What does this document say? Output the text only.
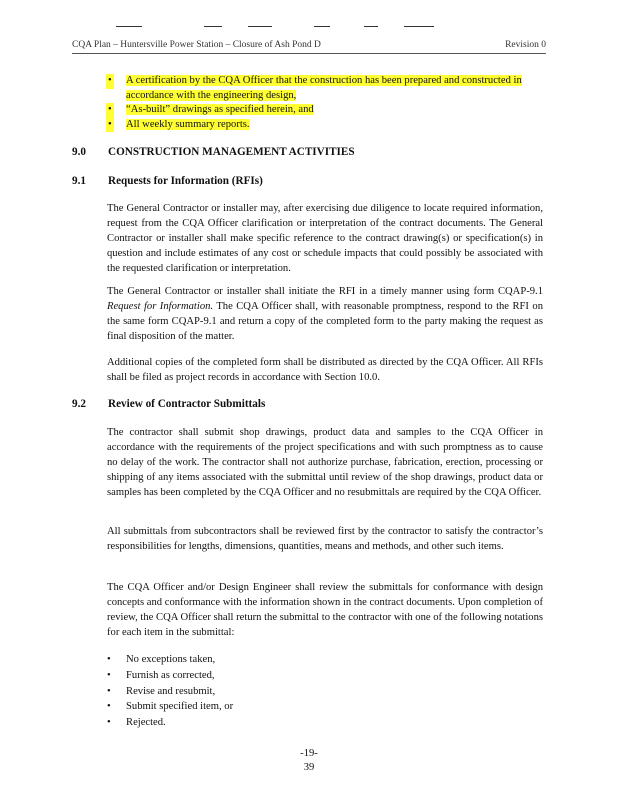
CQA Plan – Huntersville Power Station – Closure of Ash Pond D	Revision 0
• A certification by the CQA Officer that the construction has been prepared and constructed in accordance with the engineering design,
• “As-built” drawings as specified herein, and
• All weekly summary reports.
9.0 CONSTRUCTION MANAGEMENT ACTIVITIES
9.1 Requests for Information (RFIs)

The General Contractor or installer may, after exercising due diligence to locate required information, request from the CQA Officer clarification or interpretation of the contract documents. The General Contractor or installer shall make specific reference to the contract drawing(s) or specification(s) in question and include estimates of any cost or schedule impacts that could possibly be associated with the requested clarification or interpretation.

The General Contractor or installer shall initiate the RFI in a timely manner using form CQAP-9.1 Request for Information. The CQA Officer shall, with reasonable promptness, respond to the RFI on the same form CQAP-9.1 and return a copy of the completed form to the party making the request as final disposition of the matter.

Additional copies of the completed form shall be distributed as directed by the CQA Officer. All RFIs shall be filed as project records in accordance with Section 10.0.

9.2 Review of Contractor Submittals

The contractor shall submit shop drawings, product data and samples to the CQA Officer in accordance with the requirements of the project specifications and with such promptness as to cause no delay of the work. The contractor shall not authorize purchase, fabrication, erection, processing or shipping of any items associated with the submittal until review of the shop drawings, product data or samples has been completed by the CQA Officer and no resubmittals are required by the CQA Officer.

All submittals from subcontractors shall be reviewed first by the contractor to satisfy the contractor’s responsibilities for lengths, dimensions, quantities, means and methods, and other such items.

The CQA Officer and/or Design Engineer shall review the submittals for conformance with design concepts and conformance with the information shown in the contract documents. Upon completion of review, the CQA Officer shall return the submittal to the contractor with one of the following notations for each item in the submittal:

• No exceptions taken,
• Furnish as corrected,
• Revise and resubmit,
• Submit specified item, or
• Rejected.
-19-
39
